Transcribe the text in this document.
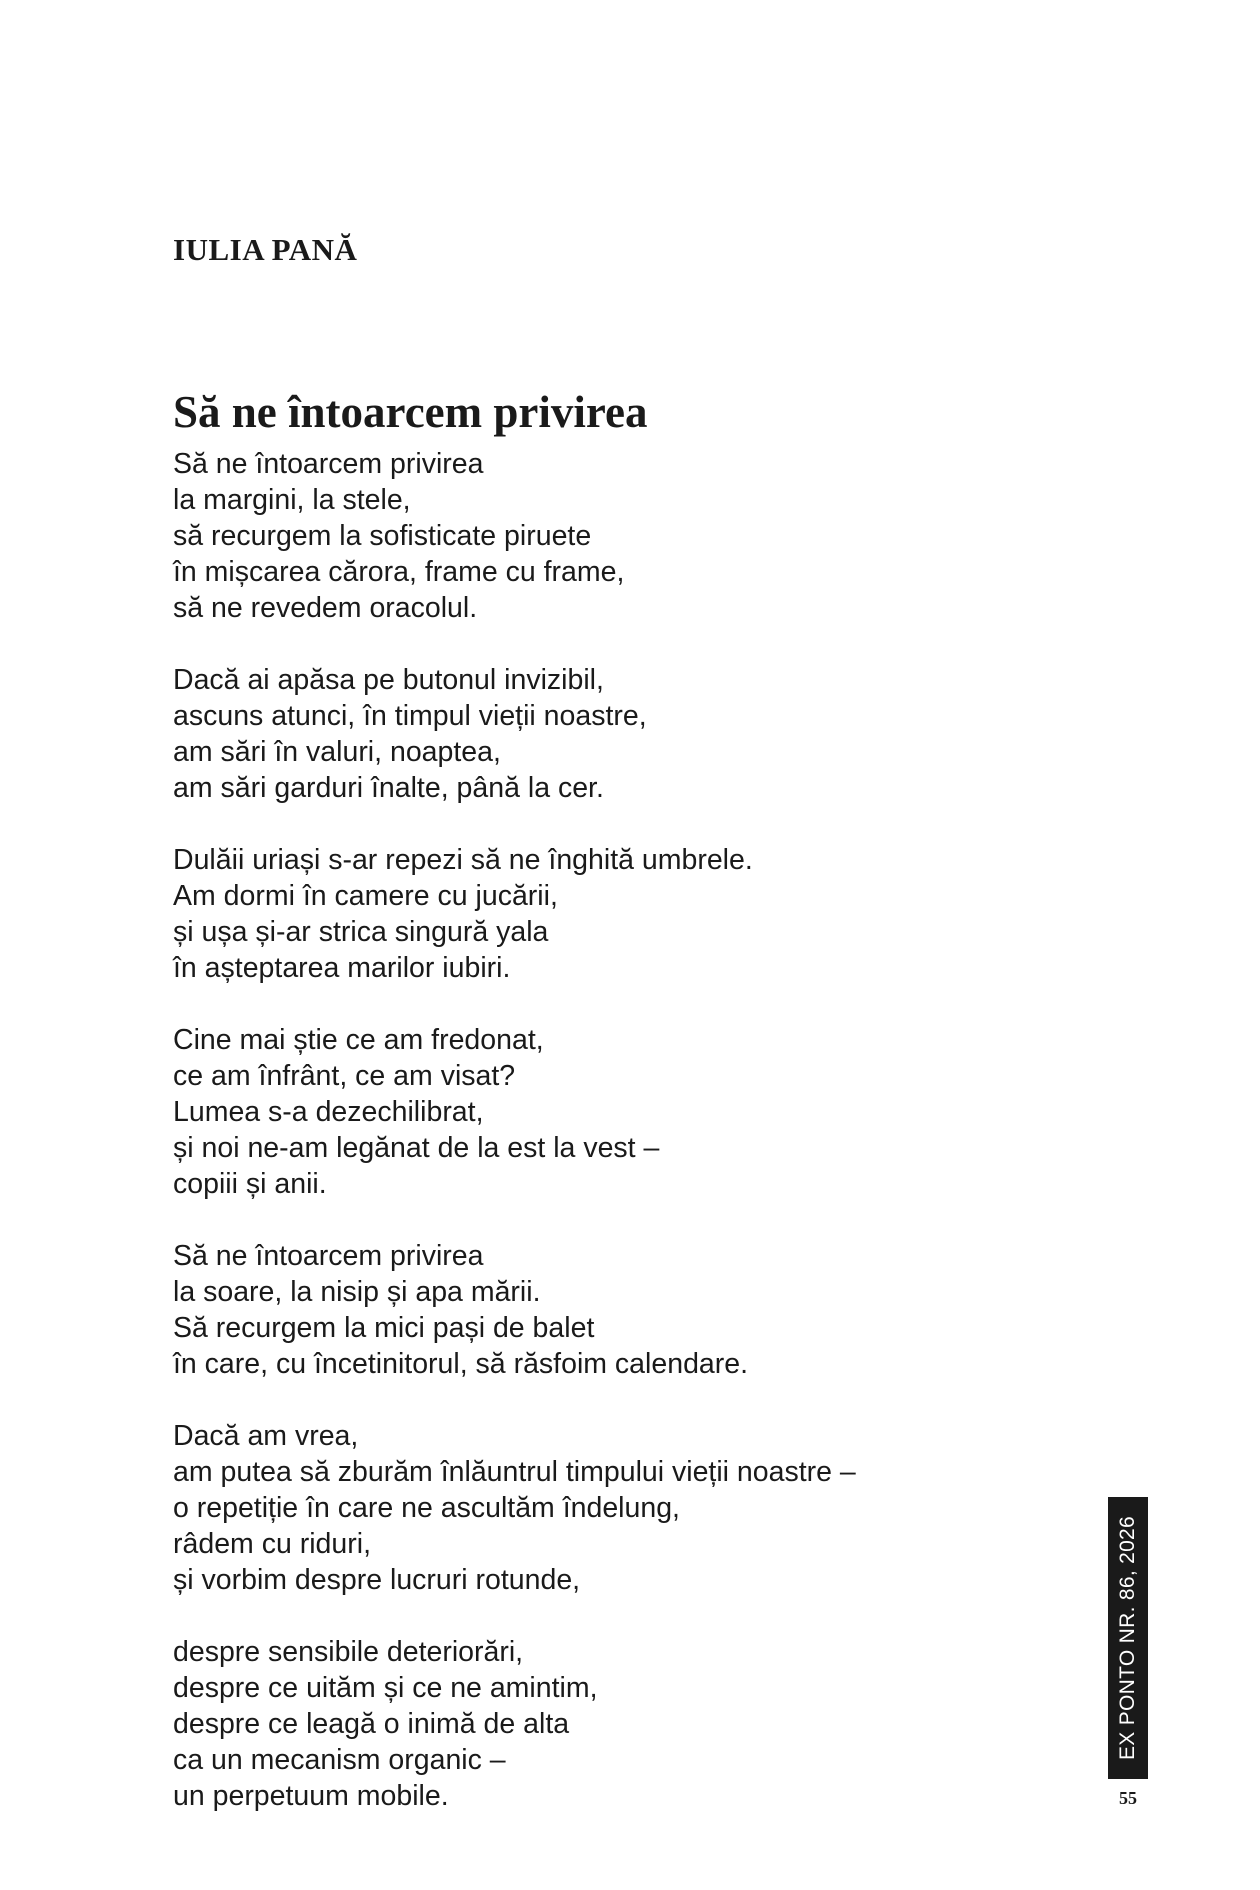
IULIA PANĂ
Să ne întoarcem privirea

Să ne întoarcem privirea
la margini, la stele,
să recurgem la sofisticate piruete
în mișcarea cărora, frame cu frame,
să ne revedem oracolul.

Dacă ai apăsa pe butonul invizibil,
ascuns atunci, în timpul vieții noastre,
am sări în valuri, noaptea,
am sări garduri înalte, până la cer.

Dulăii uriași s-ar repezi să ne înghită umbrele.
Am dormi în camere cu jucării,
și ușa și-ar strica singură yala
în așteptarea marilor iubiri.

Cine mai știe ce am fredonat,
ce am înfrânt, ce am visat?
Lumea s-a dezechilibrat,
și noi ne-am legănat de la est la vest –
copiii și anii.

Să ne întoarcem privirea
la soare, la nisip și apa mării.
Să recurgem la mici pași de balet
în care, cu încetinitorul, să răsfoim calendare.

Dacă am vrea,
am putea să zburăm înlăuntrul timpului vieții noastre –
o repetiție în care ne ascultăm îndelung,
râdem cu riduri,
și vorbim despre lucruri rotunde,

despre sensibile deteriorări,
despre ce uităm și ce ne amintim,
despre ce leagă o inimă de alta
ca un mecanism organic –
un perpetuum mobile.

EX PONTO NR. 86, 2026
55
